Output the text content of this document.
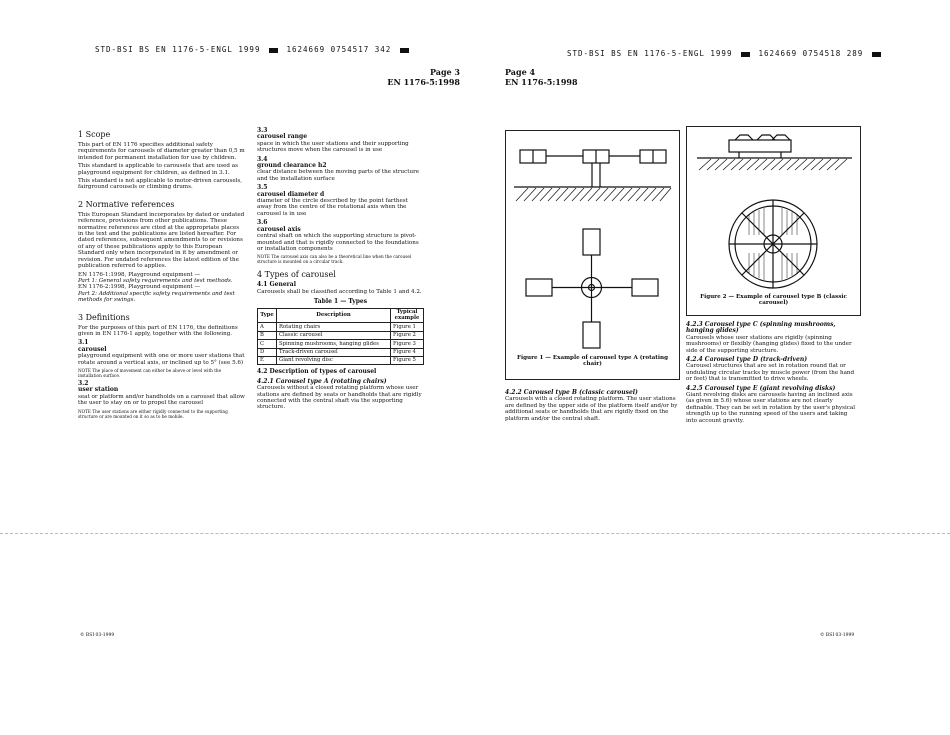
STD-BSI BS EN 1176-5-ENGL 1999	1624669 0754517 342	STD-BSI BS EN 1176-5-ENGL 1999	1624669 0754518 289
Page 3
EN 1176-5:1998
Page 4
EN 1176-5:1998
1 Scope

This part of EN 1176 specifies additional safety requirements for carousels of diameter greater than 0,5 m intended for permanent installation for use by children.

This standard is applicable to carousels that are used as playground equipment for children, as defined in 3.1.

This standard is not applicable to motor-driven carousels, fairground carousels or climbing drums.

2 Normative references

This European Standard incorporates by dated or undated reference, provisions from other publications. These normative references are cited at the appropriate places in the text and the publications are listed hereafter. For dated references, subsequent amendments to or revisions of any of these publications apply to this European Standard only when incorporated in it by amendment or revision. For undated references the latest edition of the publication referred to applies.

EN 1176-1:1998, Playground equipment —
Part 1: General safety requirements and test methods.
EN 1176-2:1998, Playground equipment —
Part 2: Additional specific safety requirements and test methods for swings.
3 Definitions

For the purposes of this part of EN 1176, the definitions given in EN 1176-1 apply, together with the following.

3.1
carousel

playground equipment with one or more user stations that rotate around a vertical axis, or inclined up to 5° (see 5.6)

NOTE The place of movement can either be above or level with the installation surface.

3.2
user station

seat or platform and/or handholds on a carousel that allow the user to stay on or to propel the carousel

NOTE The user stations are either rigidly connected to the supporting structure or are mounted on it so as to be mobile.

3.3
carousel range

space in which the user stations and their supporting structures move when the carousel is in use

3.4
ground clearance h2

clear distance between the moving parts of the structure and the installation surface

3.5
carousel diameter d

diameter of the circle described by the point farthest away from the centre of the rotational axis when the carousel is in use

3.6
carousel axis

central shaft on which the supporting structure is pivot-mounted and that is rigidly connected to the foundations or installation components

NOTE The carousel axis can also be a theoretical line when the carousel structure is mounted on a circular track.

4 Types of carousel
4.1 General

Carousels shall be classified according to Table 1 and 4.2.

Table 1 — Types
Type	Description	Typical example
A	Rotating chairs	Figure 1
B	Classic carousel	Figure 2
C	Spinning mushrooms, hanging glides	Figure 3
D	Track-driven carousel	Figure 4
E	Giant revolving disc	Figure 5
4.2 Description of types of carousel
4.2.1 Carousel type A (rotating chairs)

Carousels without a closed rotating platform whose user stations are defined by seats or handholds that are rigidly connected with the central shaft via the supporting structure.

Figure 1 — Example of carousel type A (rotating chair)
4.2.2 Carousel type B (classic carousel)

Carousels with a closed rotating platform. The user stations are defined by the upper side of the platform itself and/or by additional seats or handholds that are rigidly fixed on the platform and/or the central shaft.

Figure 2 — Example of carousel type B (classic carousel)
4.2.3 Carousel type C (spinning mushrooms, hanging glides)

Carousels whose user stations are rigidly (spinning mushrooms) or flexibly (hanging glides) fixed to the under side of the supporting structure.

4.2.4 Carousel type D (track-driven)

Carousel structures that are set in rotation round flat or undulating circular tracks by muscle power (from the hand or feet) that is transmitted to drive wheels.

4.2.5 Carousel type E (giant revolving disks)

Giant revolving disks are carousels having an inclined axis (as given in 5.6) whose user stations are not clearly definable. They can be set in rotation by the user's physical strength up to the running speed of the users and taking into account gravity.

© BSI 03-1999	© BSI 03-1999
